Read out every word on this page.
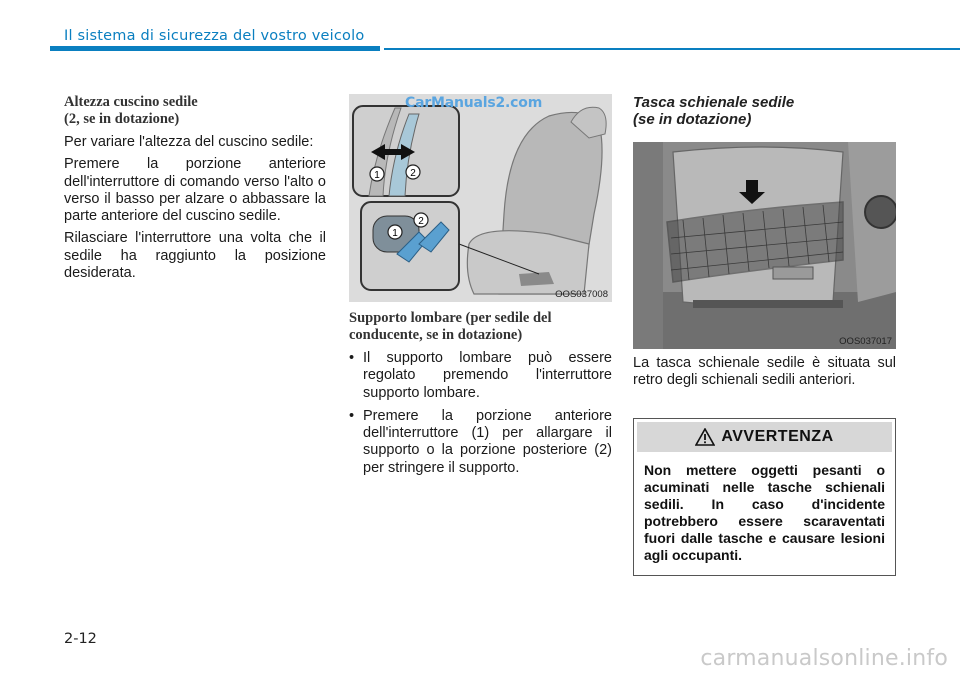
Il sistema di sicurezza del vostro veicolo
Altezza cuscino sedile
(2, se in dotazione)

Per variare l'altezza del cuscino sedile:

Premere la porzione anteriore dell'interruttore di comando verso l'alto o verso il basso per alzare o abbassare la parte anteriore del cuscino sedile.

Rilasciare l'interruttore una volta che il sedile ha raggiunto la posizione desiderata.

1	2
1
2
CarManuals2.com
OOS037008
Supporto lombare (per sedile del
conducente, se in dotazione)
• Il supporto lombare può essere regolato premendo l'interruttore supporto lombare.
• Premere la porzione anteriore dell'interruttore (1) per allargare il supporto o la porzione posteriore (2) per stringere il supporto.
Tasca schienale sedile
(se in dotazione)
OOS037017

La tasca schienale sedile è situata sul retro degli schienali sedili anteriori.

AVVERTENZA
Non mettere oggetti pesanti o acuminati nelle tasche schienali sedili. In caso d'incidente potrebbero essere scaraventati fuori dalle tasche e causare lesioni agli occupanti.
2-12
carmanualsonline.info
